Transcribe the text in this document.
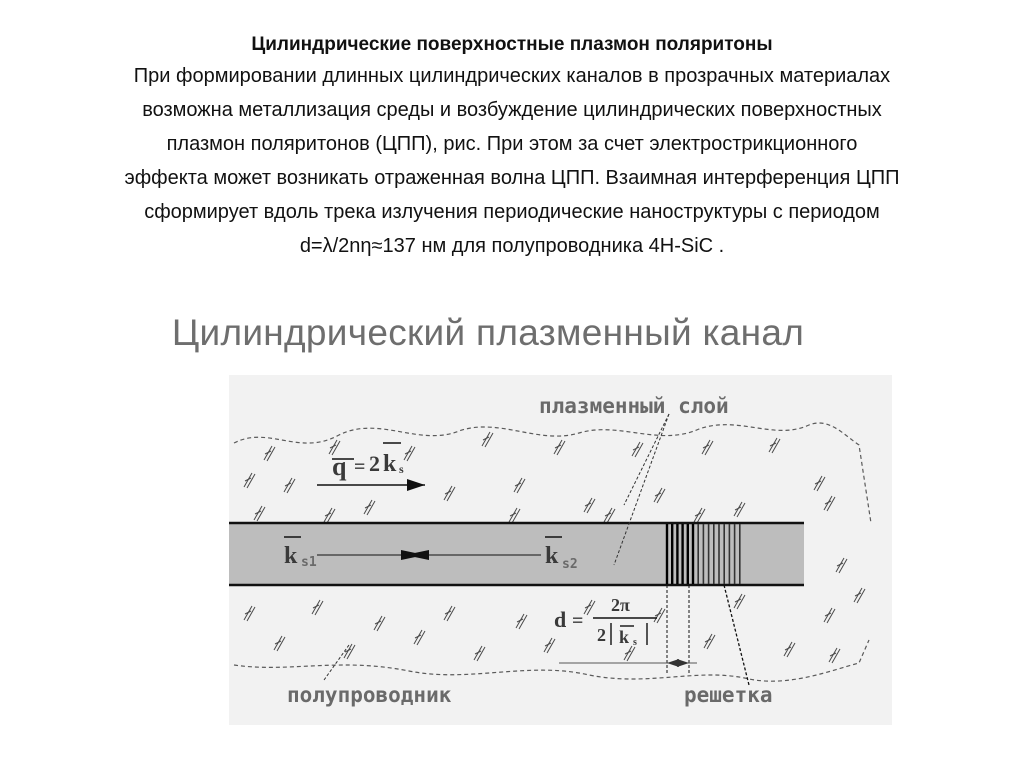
Цилиндрические поверхностные плазмон поляритоны
При формировании длинных цилиндрических каналов в прозрачных материалах
возможна металлизация среды и возбуждение цилиндрических поверхностных
плазмон поляритонов (ЦПП), рис. При этом за счет электрострикционного
эффекта может возникать отраженная волна ЦПП. Взаимная интерференция ЦПП
сформирует вдоль трека излучения периодические наноструктуры с периодом
d=λ/2nη≈137 нм для полупроводника 4H-SiC .
Цилиндрический плазменный канал
q = 2 k s
k s1	k s2
d =
2π
2 k s
плазменный слой
полупроводник	решетка
